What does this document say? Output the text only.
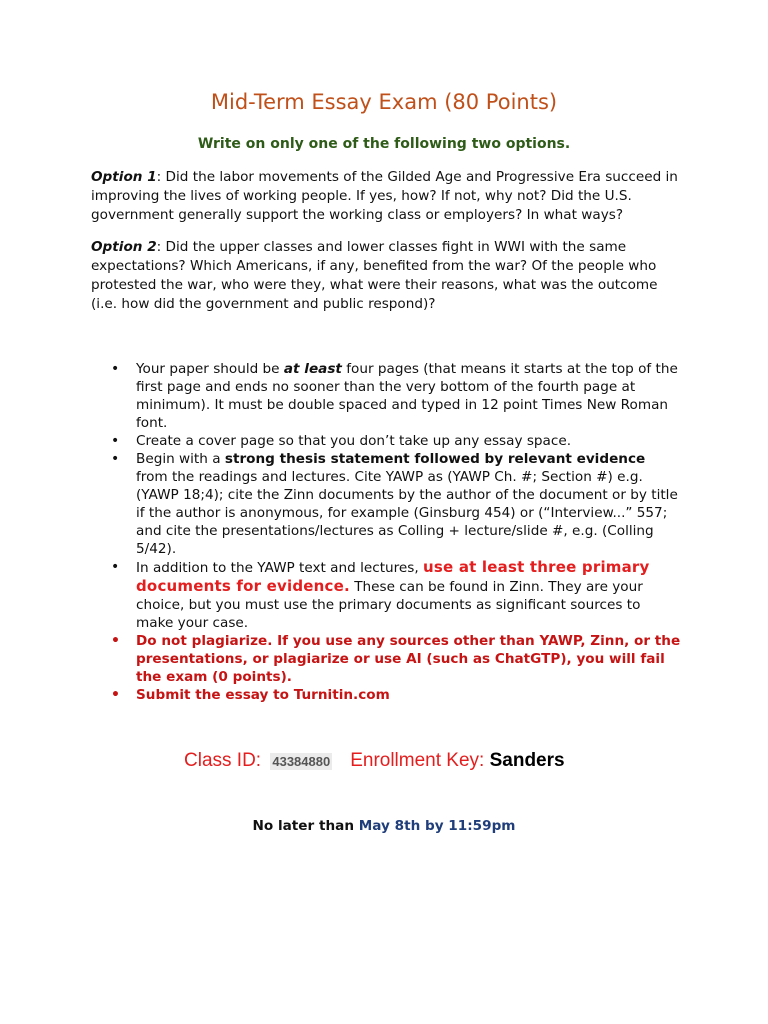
Mid-Term Essay Exam (80 Points)

Write on only one of the following two options.

Option 1: Did the labor movements of the Gilded Age and Progressive Era succeed in improving the lives of working people. If yes, how? If not, why not? Did the U.S. government generally support the working class or employers? In what ways?

Option 2: Did the upper classes and lower classes fight in WWI with the same expectations? Which Americans, if any, benefited from the war? Of the people who protested the war, who were they, what were their reasons, what was the outcome (i.e. how did the government and public respond)?

• Your paper should be at least four pages (that means it starts at the top of the first page and ends no sooner than the very bottom of the fourth page at minimum). It must be double spaced and typed in 12 point Times New Roman font.
• Create a cover page so that you don’t take up any essay space.
• Begin with a strong thesis statement followed by relevant evidence from the readings and lectures. Cite YAWP as (YAWP Ch. #; Section #) e.g. (YAWP 18;4); cite the Zinn documents by the author of the document or by title if the author is anonymous, for example (Ginsburg 454) or (“Interview...” 557; and cite the presentations/lectures as Colling + lecture/slide #, e.g. (Colling 5/42).
• In addition to the YAWP text and lectures, use at least three primary documents for evidence. These can be found in Zinn. They are your choice, but you must use the primary documents as significant sources to make your case.
• Do not plagiarize. If you use any sources other than YAWP, Zinn, or the presentations, or plagiarize or use AI (such as ChatGTP), you will fail the exam (0 points).
• Submit the essay to Turnitin.com
Class ID: 43384880 Enrollment Key: Sanders
No later than May 8th by 11:59pm
